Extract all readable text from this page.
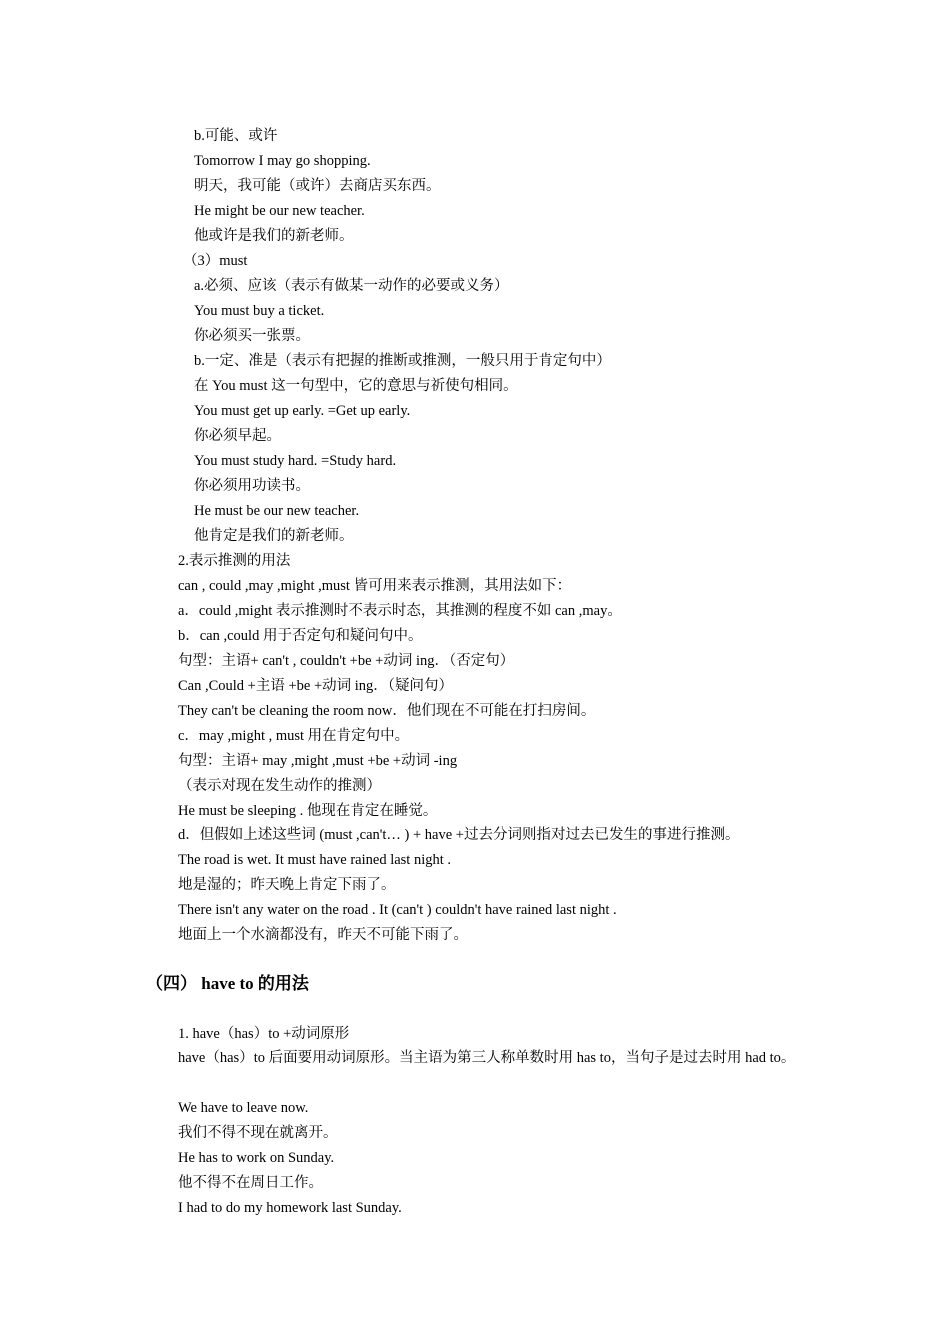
b.可能、或许
Tomorrow I may go shopping.
明天，我可能（或许）去商店买东西。
He might be our new teacher.
他或许是我们的新老师。
（3）must
a.必须、应该（表示有做某一动作的必要或义务）
You must buy a ticket.
你必须买一张票。
b.一定、准是（表示有把握的推断或推测，一般只用于肯定句中）
在 You must 这一句型中，它的意思与祈使句相同。
You must get up early. =Get up early.
你必须早起。
You must study hard. =Study hard.
你必须用功读书。
He must be our new teacher.
他肯定是我们的新老师。
2.表示推测的用法
can , could ,may ,might ,must 皆可用来表示推测，其用法如下：
a．could ,might 表示推测时不表示时态，其推测的程度不如 can ,may。
b．can ,could 用于否定句和疑问句中。
句型：主语+ can't , couldn't +be +动词 ing．（否定句）
Can ,Could +主语 +be +动词 ing．（疑问句）
They can't be cleaning the room now．他们现在不可能在打扫房间。
c．may ,might , must 用在肯定句中。
句型：主语+ may ,might ,must +be +动词 -ing
（表示对现在发生动作的推测）
He must be sleeping . 他现在肯定在睡觉。
d．但假如上述这些词 (must ,can't… ) + have +过去分词则指对过去已发生的事进行推测。
The road is wet. It must have rained last night .
地是湿的；昨天晚上肯定下雨了。
There isn't any water on the road . It (can't ) couldn't have rained last night .
地面上一个水滴都没有，昨天不可能下雨了。
（四） have to 的用法
1. have（has）to +动词原形
have（has）to 后面要用动词原形。当主语为第三人称单数时用 has to，当句子是过去时用 had to。
We have to leave now.
我们不得不现在就离开。
He has to work on Sunday.
他不得不在周日工作。
I had to do my homework last Sunday.
